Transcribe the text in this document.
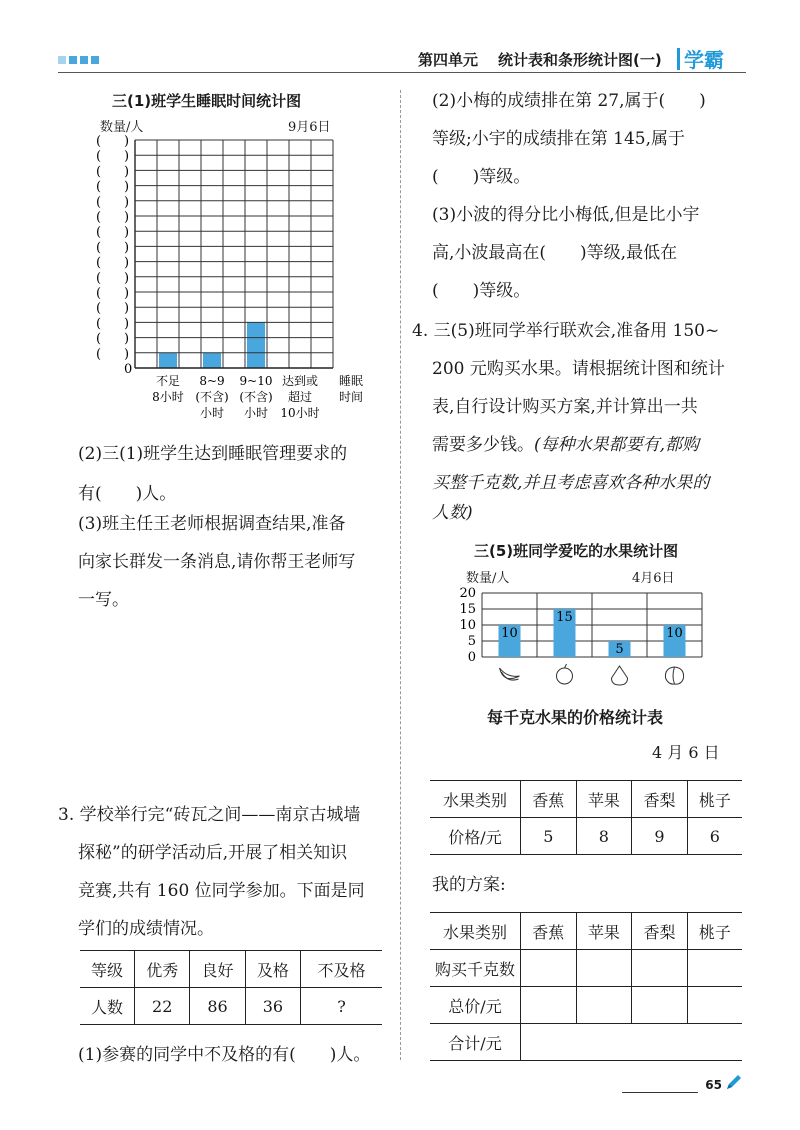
第四单元 统计表和条形统计图(一) 学霸
三(1)班学生睡眠时间统计图
数量/人	9月6日
( )
( )
( )
( )
( )
( )
( )
( )
( )
( )
( )
( )
( )
( )
( )
0
不足
8小时
8~9
(不含)
小时
9~10
(不含)
小时
达到或
超过
10小时
睡眠
时间
(2)三(1)班学生达到睡眠管理要求的
有(　　)人。
(3)班主任王老师根据调查结果,准备
向家长群发一条消息,请你帮王老师写
一写。
3. 学校举行完“砖瓦之间——南京古城墙
探秘”的研学活动后,开展了相关知识
竞赛,共有 160 位同学参加。下面是同
学们的成绩情况。
等级	优秀	良好	及格	不及格
人数	22	86	36	?
(1)参赛的同学中不及格的有(　　)人。
(2)小梅的成绩排在第 27,属于(　　)
等级;小宇的成绩排在第 145,属于
(　　)等级。
(3)小波的得分比小梅低,但是比小宇
高,小波最高在(　　)等级,最低在
(　　)等级。
4. 三(5)班同学举行联欢会,准备用 150~
200 元购买水果。请根据统计图和统计
表,自行设计购买方案,并计算出一共
需要多少钱。(每种水果都要有,都购
买整千克数,并且考虑喜欢各种水果的
人数)
三(5)班同学爱吃的水果统计图
数量/人	4月6日
20
15
10
5
0
10
15
5
10
每千克水果的价格统计表
4 月 6 日
水果类别	香蕉	苹果	香梨	桃子
价格/元	5	8	9	6
我的方案:
水果类别	香蕉	苹果	香梨	桃子
购买千克数				
总价/元				
合计/元				
65
